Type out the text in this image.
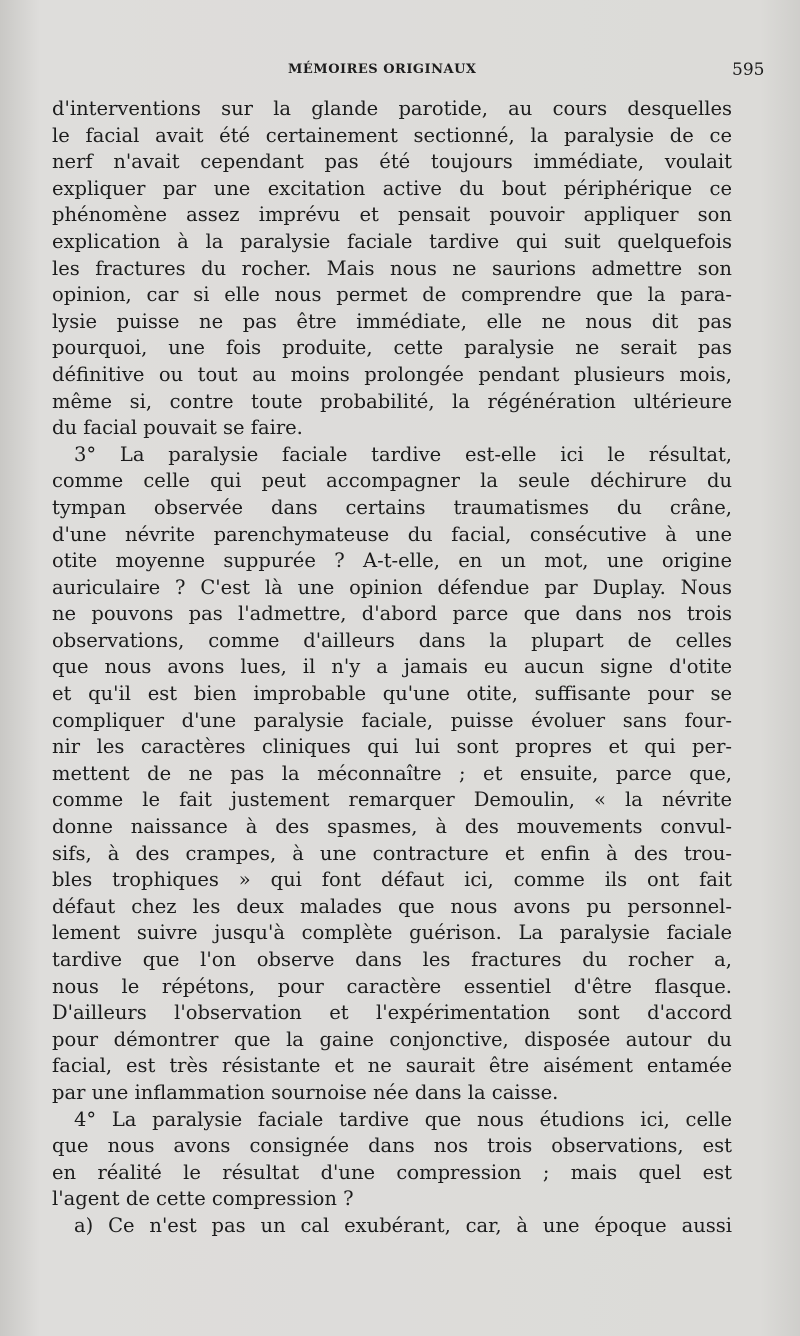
MÉMOIRES ORIGINAUX	595
d'interventions sur la glande parotide, au cours desquelles
le facial avait été certainement sectionné, la paralysie de ce
nerf n'avait cependant pas été toujours immédiate, voulait
expliquer par une excitation active du bout périphérique ce
phénomène assez imprévu et pensait pouvoir appliquer son
explication à la paralysie faciale tardive qui suit quelquefois
les fractures du rocher. Mais nous ne saurions admettre son
opinion, car si elle nous permet de comprendre que la para-
lysie puisse ne pas être immédiate, elle ne nous dit pas
pourquoi, une fois produite, cette paralysie ne serait pas
définitive ou tout au moins prolongée pendant plusieurs mois,
même si, contre toute probabilité, la régénération ultérieure
du facial pouvait se faire.
3° La paralysie faciale tardive est-elle ici le résultat,
comme celle qui peut accompagner la seule déchirure du
tympan observée dans certains traumatismes du crâne,
d'une névrite parenchymateuse du facial, consécutive à une
otite moyenne suppurée ? A-t-elle, en un mot, une origine
auriculaire ? C'est là une opinion défendue par Duplay. Nous
ne pouvons pas l'admettre, d'abord parce que dans nos trois
observations, comme d'ailleurs dans la plupart de celles
que nous avons lues, il n'y a jamais eu aucun signe d'otite
et qu'il est bien improbable qu'une otite, suffisante pour se
compliquer d'une paralysie faciale, puisse évoluer sans four-
nir les caractères cliniques qui lui sont propres et qui per-
mettent de ne pas la méconnaître ; et ensuite, parce que,
comme le fait justement remarquer Demoulin, « la névrite
donne naissance à des spasmes, à des mouvements convul-
sifs, à des crampes, à une contracture et enfin à des trou-
bles trophiques » qui font défaut ici, comme ils ont fait
défaut chez les deux malades que nous avons pu personnel-
lement suivre jusqu'à complète guérison. La paralysie faciale
tardive que l'on observe dans les fractures du rocher a,
nous le répétons, pour caractère essentiel d'être flasque.
D'ailleurs l'observation et l'expérimentation sont d'accord
pour démontrer que la gaine conjonctive, disposée autour du
facial, est très résistante et ne saurait être aisément entamée
par une inflammation sournoise née dans la caisse.
4° La paralysie faciale tardive que nous étudions ici, celle
que nous avons consignée dans nos trois observations, est
en réalité le résultat d'une compression ; mais quel est
l'agent de cette compression ?
a) Ce n'est pas un cal exubérant, car, à une époque aussi
